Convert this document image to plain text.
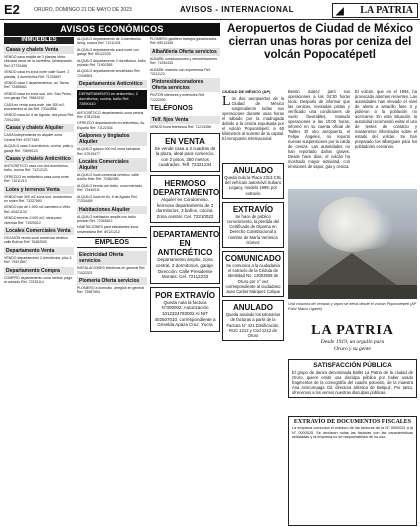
E2	ORURO, DOMINGO 21 DE MAYO DE 2023	AVISOS - INTERNACIONAL	◢ LA PATRIA
AVISOS ECONÓMICOS
INMUEBLES
Casas y chalets Venta
VENDO casa amplia de 3 plantas Vinto. Ubicada cerca de la carretera. Urbanización Ref. 67723466
VENDO casa en zona norte calle Sucre, 2 plantas, 4 dormitorios Ref. 71234567
VENDO casa 2 departamentos, av. Tacna Ref. 72455661
VENDO casa en zona sud, Urb. San Pedro, con garaje Ref. 76543210
CASA en venta zona este, lote 300 m2, documentos al día Ref. 73344556
VENDO casa Av. 6 de Agosto, dos pisos Ref. 72012345
Casas y chalets Alquiler
CASA independiente en alquiler zona Central Ref. 67577481
ALQUILO casa 3 dormitorios, cocina, patio y garaje Ref. 73699123
Casas y chalets Anticrético
ANTICRÉTICO casa con dos dormitorios, baño, cocina Ref. 71212121
OFREZCO en anticrético casa zona norte Ref. 71011213
Lotes y terrenos Venta
VENDO lote 300 m2 zona sud, documentos en orden Ref. 73227890
VENDO lote de 1.000 m2 carretera a Vinto Ref. 60421133
VENDO terreno 2.000 m2, ideal para vivienda Ref. 71920012
Locales Comerciales Venta
OCASIÓN vendo local comercial céntrico calle Bolívar Ref. 76452000
Departamento Venta
VENDO departamento 2 dormitorios, piso 3 Ref. 79321567
Departamento Compra
COMPRO departamento zona central, pago al contado Ref. 72233114
ALQUILO departamento de 3 dormitorios, living, cocina Ref. 71211431
ALQUILO departamento zona norte con garaje Ref. 60122233
ALQUILO departamento 2 dormitorios, baño privado Ref. 71902355
ALQUILO departamento amueblado Ref. 72445501
Departamentos Anticrético
DEPARTAMENTO en anticrético, 2 dormitorios, cocina, baño Ref. 72890110
ANTICRÉTICO departamento zona central Ref. 67812340
OFREZCO departamento en anticrético, Av. España Ref. 71122334
Galpones y tinglados Alquiler
ALQUILO galpón 400 m2 zona industrial Ref. 67519477
Locales Comerciales Alquiler
ALQUILO local comercial céntrico, calle Adolfo Mier Ref. 72482380
ALQUILO tienda con baño, zona mercado Ref. 73440011
ALQUILO local en Av. 6 de Agosto Ref. 71334455
Habitaciones Alquiler
ALQUILO habitación amplia con baño privado Ref. 72345612
HABITACIONES para estudiantes zona universitaria Ref. 60121212
EMPLEOS
Electricidad Oferta servicios
INSTALACIONES eléctricas en general Ref. 71023321
Plomería Oferta servicios
PLOMERO a domicilio, arreglos en general Ref. 72987654
PLOMERO gasfitero trabajos garantizados Ref. 69012345
Albañilería Oferta servicios
ALBAÑIL construcciones y remodelaciones Ref. 71254433
ALBAÑIL maestro con experiencia Ref. 72111122
Pintores/decoradores Oferta servicios
PINTOR interiores y exteriores Ref. 71222090
TELÉFONOS
Telf. fijos Venta
VENDO línea telefónica Ref. 71213456
EN VENTA
Se vende casa a 3 cuadras de la plaza, ideal para comercio, con 2 pisos, 350 metros cuadrados. Telf. 72321234
HERMOSO DEPARTAMENTO
Alquiler en Condominio, hermoso departamento de 3 dormitorios, 3 baños, cocina. Zona central. Cel. 72210022
DEPARTAMENTO EN ANTICRÉTICO
Departamento amplio, zona central, 3 dormitorios, garaje. Dirección: Calle Presidente Montes. Cel. 72112233
POR EXTRAVÍO
Queda nula la factura N°000002. Autorización 1012324783002 Al NIT 402507010, correspondiente a Griselda Apaza Cruz. Yucra
Aeropuertos de Ciudad de México cierran unas horas por ceniza del volcán Popocatépetl
CIUDAD DE MÉXICO (AP)
L os dos aeropuertos de la Ciudad de México suspendieron todas sus operaciones durante unas horas el sábado por la madrugada debido a la ceniza expulsada por el volcán Popocatépetl, a 60 kilómetros al sureste de la capital. El Aeropuerto Internacional
Benito Juárez paró sus operaciones a las 04:30 horas local. Después de informar que las cenizas, revisadas pistas y verificado una condiciones de vuelo favorables, reanudó operaciones a las 10:00 horas, informó en su cuenta oficial de Twitter. El otro aeropuerto, el Felipe Ángeles, no reportó nuevas suspensiones por la caída de ceniza. Las autoridades no han reportado daños graves. Desde hace días, el volcán ha mostrado mayor actividad, con emisiones de vapor, gas y ceniza.
El volcán, que en el 1994, ha provocado alarmas recientes. Las autoridades han elevado el nivel de alerta a amarillo fase 3 y pidieron a la población no acercarse. En esta situación, la autoridad recomendó evitar el uso de lentes de contacto y mantenerse informados sobre el estado del volcán. Se han preparado los albergues para los pobladores cercanos.
ANULADO
Queda nula la Placa 2313 CSL del vehículo automóvil Subaru Legacy, modelo 1999, por extravío
EXTRAVÍO
Se hace de público conocimiento, la pérdida del Certificado de Dipoma en Derecho Constitucional a nombre de María Verónica Gómez
COMUNICADO
Se comunica a la ciudadanía el extravío de la Cédula de Identidad No. 13003508 de Oruro por 1° vez correspondiente al ciudadano Juan Carlos Márquez Colque
ANULADO
Queda anulado los talonarios de facturas a partir de la Factura N° 421 Dosificación, RUC 1212 y Cod 1212 de Oruro
Una columna de cenizas y vapor se eleva desde el volcán Popocatépetl (AP Foto/ Marco Ugarte)
LA PATRIA
Desde 1919, un orgullo para
Oruro y su gente
SATISFACCIÓN PÚBLICA

El grupo de danza denominada Ballet La Patria de la ciudad de Oruro, quiere emitir una disculpa pública por haber usado fragmentos de la coreografía del cuadro potosino, de la maestra Ana Ariscurruaga Gil, directora artística de Betipuz. Por tanto, ofrecemos a los vemos nuestras disculpas públicas.

EXTRAVÍO DE DOCUMENTOS FISCALES

La empresa comunica el extravío de las facturas de la N° 0000021 a la N° 0000025. Se declaran nulas las facturas con las características señaladas y la empresa no se responsabiliza de su uso.
